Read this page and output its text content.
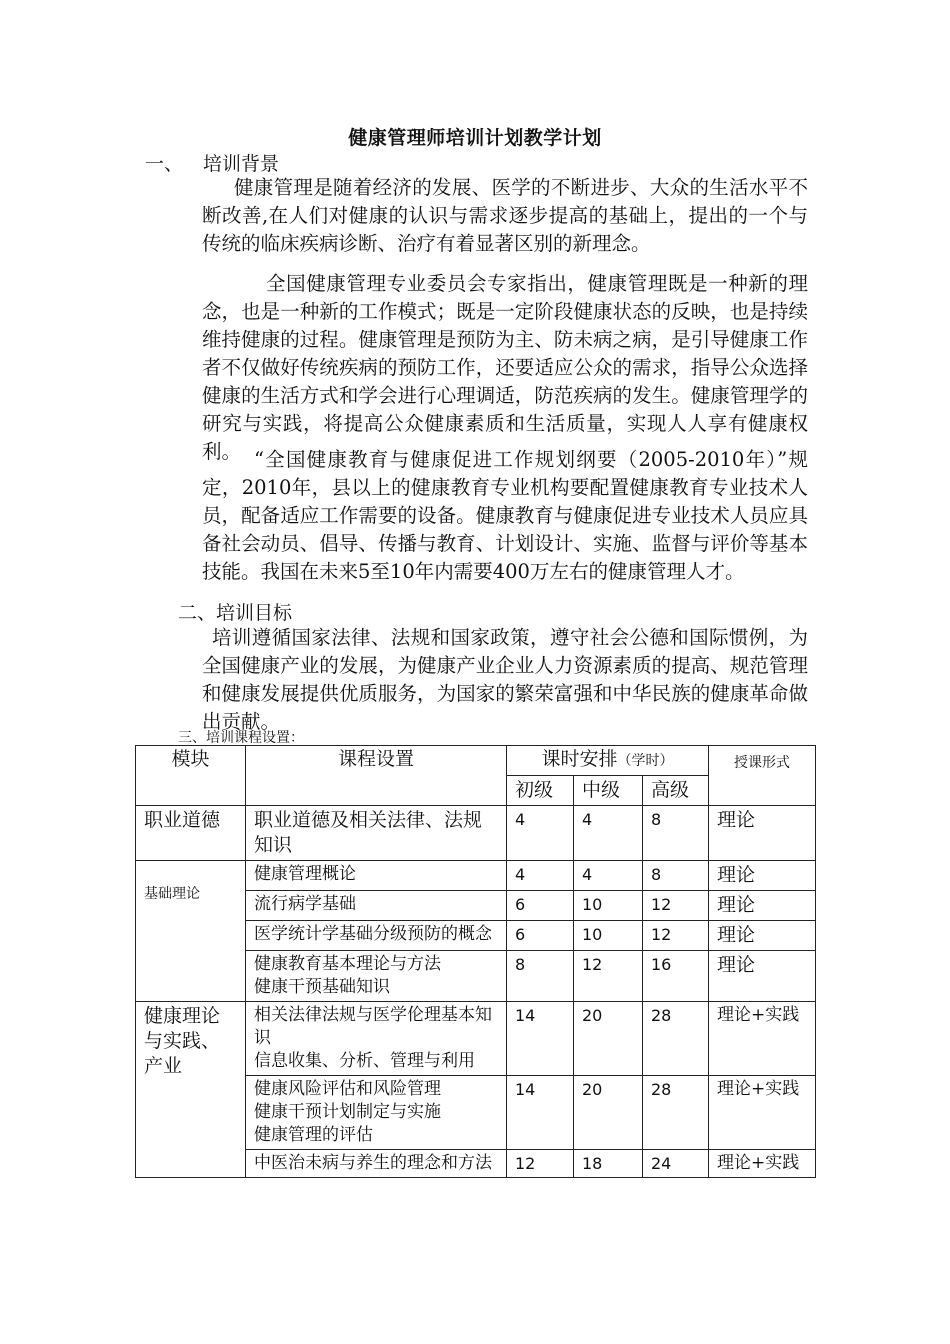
健康管理师培训计划教学计划
一、 培训背景
健康管理是随着经济的发展、医学的不断进步、大众的生活水平不断改善,在人们对健康的认识与需求逐步提高的基础上，提出的一个与传统的临床疾病诊断、治疗有着显著区别的新理念。
全国健康管理专业委员会专家指出，健康管理既是一种新的理念，也是一种新的工作模式；既是一定阶段健康状态的反映，也是持续维持健康的过程。健康管理是预防为主、防未病之病，是引导健康工作者不仅做好传统疾病的预防工作，还要适应公众的需求，指导公众选择健康的生活方式和学会进行心理调适，防范疾病的发生。健康管理学的研究与实践，将提高公众健康素质和生活质量，实现人人享有健康权利。 “全国健康教育与健康促进工作规划纲要（2005-2010年）”规定，2010年，县以上的健康教育专业机构要配置健康教育专业技术人员，配备适应工作需要的设备。健康教育与健康促进专业技术人员应具备社会动员、倡导、传播与教育、计划设计、实施、监督与评价等基本技能。我国在未来5至10年内需要400万左右的健康管理人才。
二、培训目标
培训遵循国家法律、法规和国家政策，遵守社会公德和国际惯例，为全国健康产业的发展，为健康产业企业人力资源素质的提高、规范管理和健康发展提供优质服务，为国家的繁荣富强和中华民族的健康革命做出贡献。
三、培训课程设置：
模块	课程设置	课时安排（学时）			授课形式
		初级	中级	高级	
职业道德	职业道德及相关法律、法规知识	4	4	8	理论
基础理论	健康管理概论	4	4	8	理论
	流行病学基础	6	10	12	理论
	医学统计学基础分级预防的概念	6	10	12	理论
	健康教育基本理论与方法
健康干预基础知识	8	12	16	理论
健康理论与实践、产业	相关法律法规与医学伦理基本知识
信息收集、分析、管理与利用	14	20	28	理论+实践
	健康风险评估和风险管理
健康干预计划制定与实施
健康管理的评估	14	20	28	理论+实践
	中医治未病与养生的理念和方法	12	18	24	理论+实践
